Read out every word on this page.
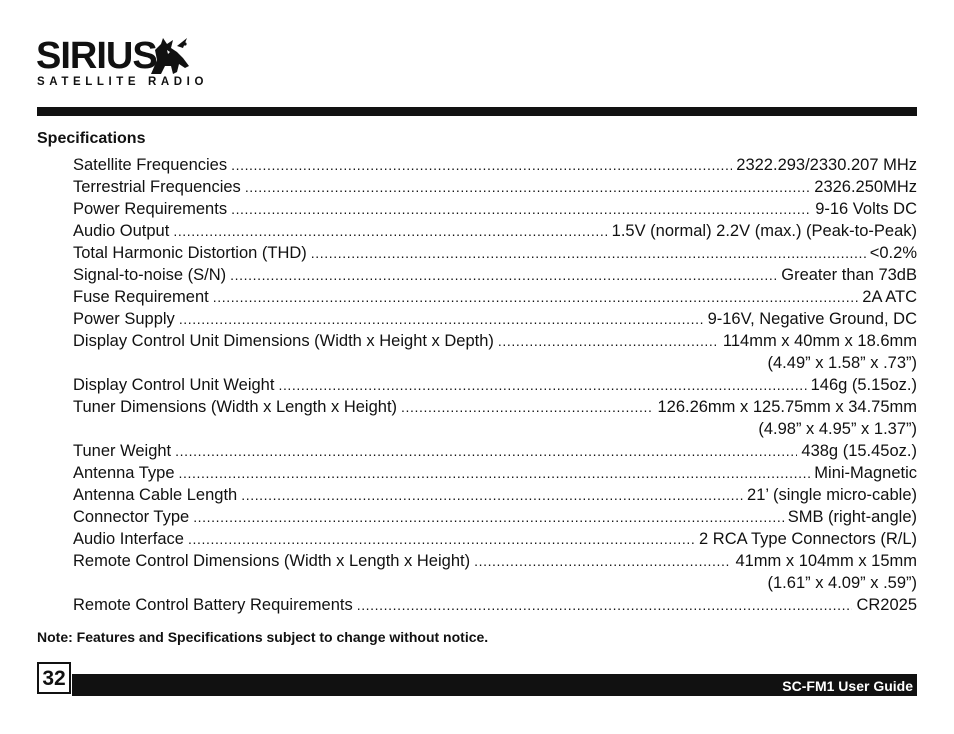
SIRIUS
SATELLITE RADIO
Specifications
Satellite Frequencies .....	2322.293/2330.207 MHz
Terrestrial Frequencies .....	2326.250MHz
Power Requirements .....	9-16 Volts DC
Audio Output .....	1.5V (normal) 2.2V (max.) (Peak-to-Peak)
Total Harmonic Distortion (THD) .....	<0.2%
Signal-to-noise (S/N) .....	Greater than 73dB
Fuse Requirement .....	2A ATC
Power Supply .....	9-16V, Negative Ground, DC
Display Control Unit Dimensions (Width x Height x Depth) .....	114mm x 40mm x 18.6mm
(4.49” x 1.58” x .73”)
Display Control Unit Weight .....	146g (5.15oz.)
Tuner Dimensions (Width x Length x Height) .....	126.26mm x 125.75mm x 34.75mm
(4.98” x 4.95” x 1.37”)
Tuner Weight .....	438g (15.45oz.)
Antenna Type .....	Mini-Magnetic
Antenna Cable Length .....	21’ (single micro-cable)
Connector Type .....	SMB (right-angle)
Audio Interface .....	2 RCA Type Connectors (R/L)
Remote Control Dimensions (Width x Length x Height) .....	41mm x 104mm x 15mm
(1.61” x 4.09” x .59”)
Remote Control Battery Requirements .....	CR2025
Note: Features and Specifications subject to change without notice.
32	SC-FM1 User Guide
